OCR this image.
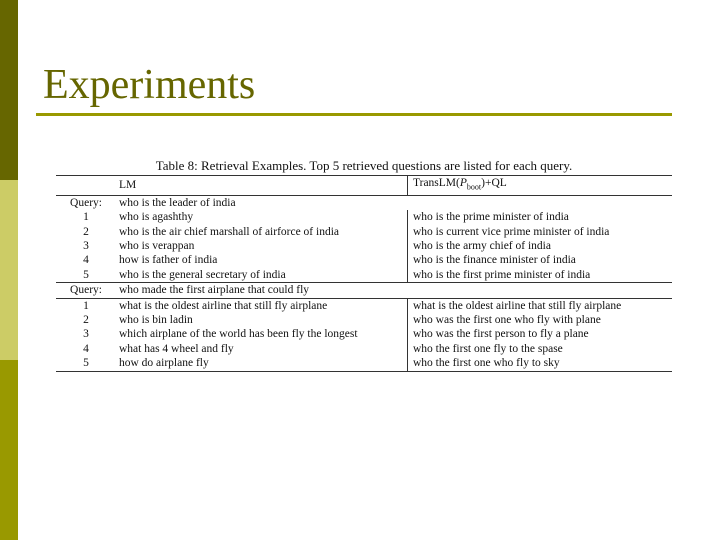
Experiments
Table 8: Retrieval Examples. Top 5 retrieved questions are listed for each query.
	LM	$TransLM(P_{boot})+QL$
Query:	who is the leader of india	
1	who is agashthy	who is the prime minister of india
2	who is the air chief marshall of airforce of india	who is current vice prime minister of india
3	who is verappan	who is the army chief of india
4	how is father of india	who is the finance minister of india
5	who is the general secretary of india	who is the first prime minister of india
Query:	who made the first airplane that could fly	
1	what is the oldest airline that still fly airplane	what is the oldest airline that still fly airplane
2	who is bin ladin	who was the first one who fly with plane
3	which airplane of the world has been fly the longest	who was the first person to fly a plane
4	what has 4 wheel and fly	who the first one fly to the spase
5	how do airplane fly	who the first one who fly to sky
